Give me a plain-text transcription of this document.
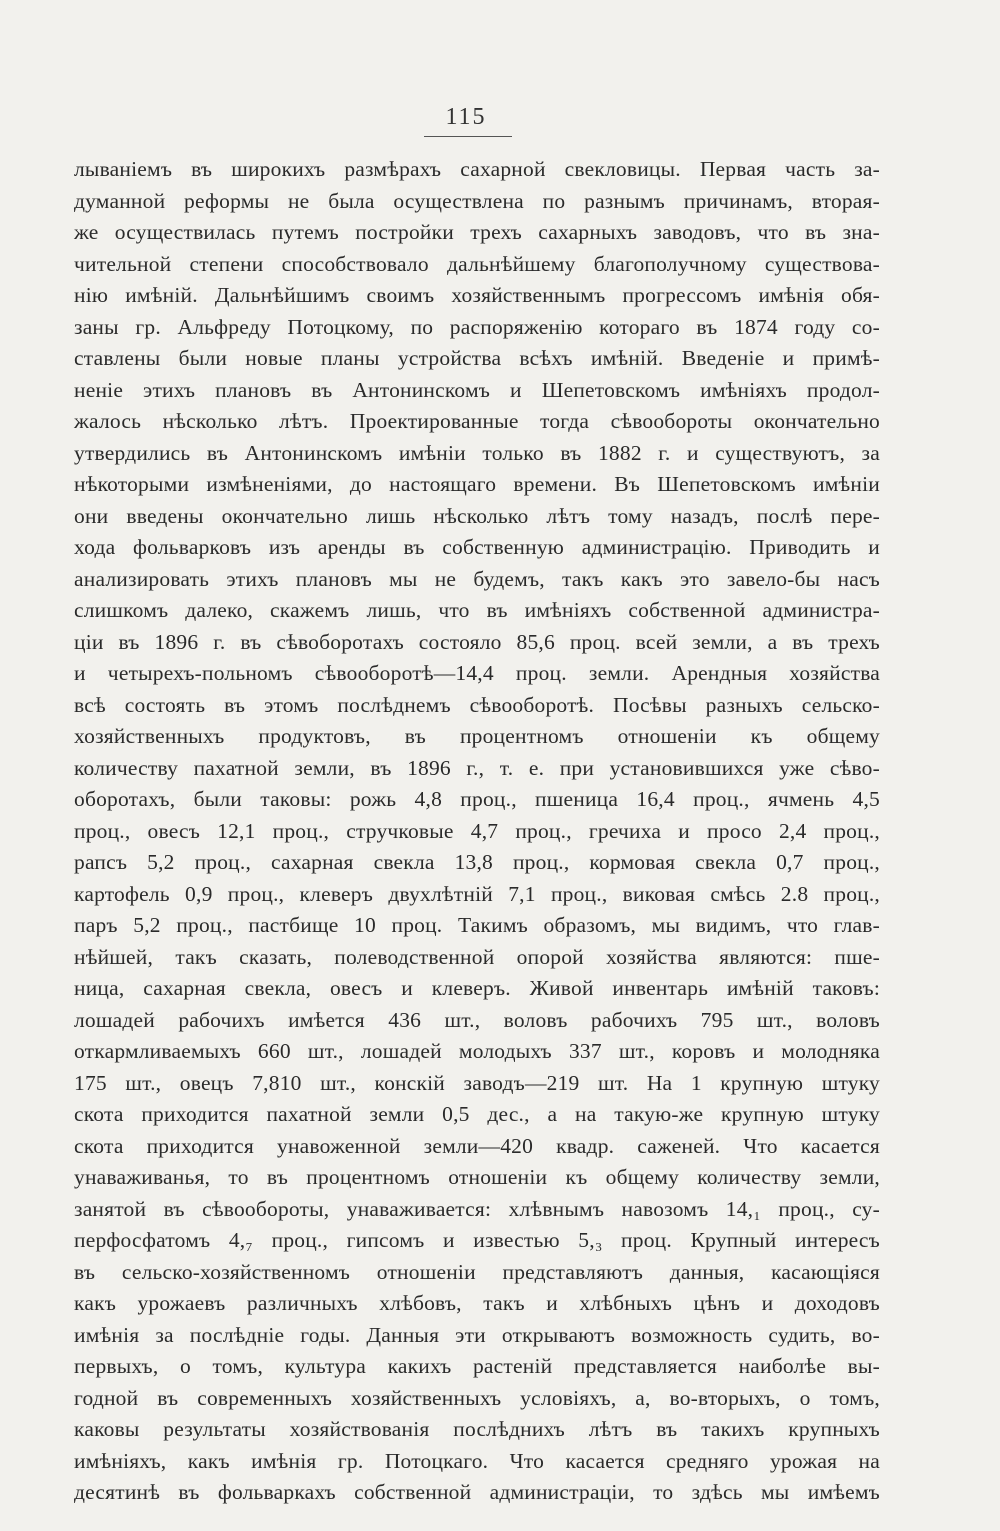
115
лываніемъ въ широкихъ размѣрахъ сахарной свекловицы. Первая часть за-
думанной реформы не была осуществлена по разнымъ причинамъ, вторая-
же осуществилась путемъ постройки трехъ сахарныхъ заводовъ, что въ зна-
чительной степени способствовало дальнѣйшему благополучному существова-
нію имѣній. Дальнѣйшимъ своимъ хозяйственнымъ прогрессомъ имѣнія обя-
заны гр. Альфреду Потоцкому, по распоряженію котораго въ 1874 году со-
ставлены были новые планы устройства всѣхъ имѣній. Введеніе и примѣ-
неніе этихъ плановъ въ Антонинскомъ и Шепетовскомъ имѣніяхъ продол-
жалось нѣсколько лѣтъ. Проектированные тогда сѣвообороты окончательно
утвердились въ Антонинскомъ имѣніи только въ 1882 г. и существуютъ, за
нѣкоторыми измѣненіями, до настоящаго времени. Въ Шепетовскомъ имѣніи
они введены окончательно лишь нѣсколько лѣтъ тому назадъ, послѣ пере-
хода фольварковъ изъ аренды въ собственную администрацію. Приводить и
анализировать этихъ плановъ мы не будемъ, такъ какъ это завело-бы насъ
слишкомъ далеко, скажемъ лишь, что въ имѣніяхъ собственной администра-
ціи въ 1896 г. въ сѣвоборотахъ состояло 85,6 проц. всей земли, а въ трехъ
и четырехъ-польномъ сѣвооборотѣ—14,4 проц. земли. Арендныя хозяйства
всѣ состоять въ этомъ послѣднемъ сѣвооборотѣ. Посѣвы разныхъ сельско-
хозяйственныхъ продуктовъ, въ процентномъ отношеніи къ общему
количеству пахатной земли, въ 1896 г., т. е. при установившихся уже сѣво-
оборотахъ, были таковы: рожь 4,8 проц., пшеница 16,4 проц., ячмень 4,5
проц., овесъ 12,1 проц., стручковые 4,7 проц., гречиха и просо 2,4 проц.,
рапсъ 5,2 проц., сахарная свекла 13,8 проц., кормовая свекла 0,7 проц.,
картофель 0,9 проц., клеверъ двухлѣтній 7,1 проц., виковая смѣсь 2.8 проц.,
паръ 5,2 проц., пастбище 10 проц. Такимъ образомъ, мы видимъ, что глав-
нѣйшей, такъ сказать, полеводственной опорой хозяйства являются: пше-
ница, сахарная свекла, овесъ и клеверъ. Живой инвентарь имѣній таковъ:
лошадей рабочихъ имѣется 436 шт., воловъ рабочихъ 795 шт., воловъ
откармливаемыхъ 660 шт., лошадей молодыхъ 337 шт., коровъ и молодняка
175 шт., овецъ 7,810 шт., конскій заводъ—219 шт. На 1 крупную штуку
скота приходится пахатной земли 0,5 дес., а на такую-же крупную штуку
скота приходится унавоженной земли—420 квадр. саженей. Что касается
унаваживанья, то въ процентномъ отношеніи къ общему количеству земли,
занятой въ сѣвообороты, унаваживается: хлѣвнымъ навозомъ 14,₁ проц., су-
перфосфатомъ 4,₇ проц., гипсомъ и известью 5,₃ проц. Крупный интересъ
въ сельско-хозяйственномъ отношеніи представляютъ данныя, касающіяся
какъ урожаевъ различныхъ хлѣбовъ, такъ и хлѣбныхъ цѣнъ и доходовъ
имѣнія за послѣдніе годы. Данныя эти открываютъ возможность судить, во-
первыхъ, о томъ, культура какихъ растеній представляется наиболѣе вы-
годной въ современныхъ хозяйственныхъ условіяхъ, а, во-вторыхъ, о томъ,
каковы результаты хозяйствованія послѣднихъ лѣтъ въ такихъ крупныхъ
имѣніяхъ, какъ имѣнія гр. Потоцкаго. Что касается средняго урожая на
десятинѣ въ фольваркахъ собственной администраціи, то здѣсь мы имѣемъ
